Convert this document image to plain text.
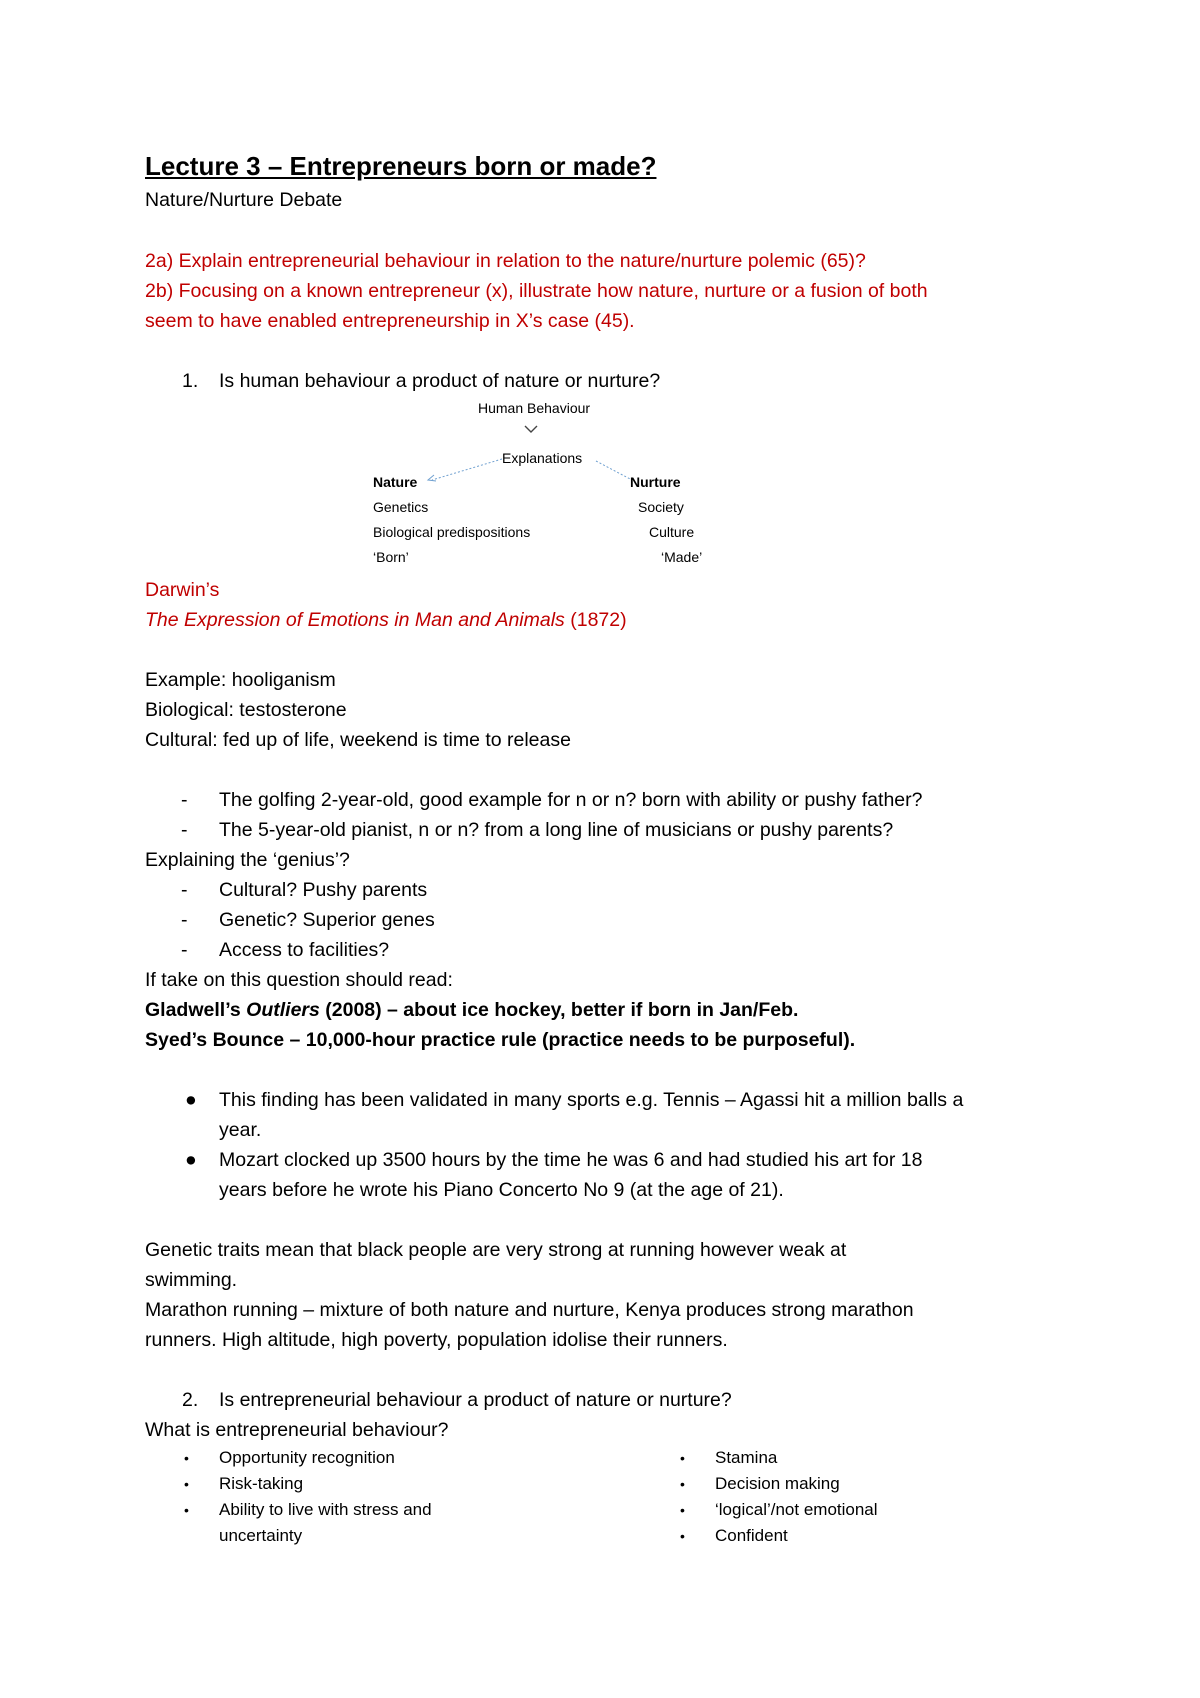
Lecture 3 – Entrepreneurs born or made?
Nature/Nurture Debate
2a) Explain entrepreneurial behaviour in relation to the nature/nurture polemic (65)?
2b) Focusing on a known entrepreneur (x), illustrate how nature, nurture or a fusion of both
seem to have enabled entrepreneurship in X’s case (45).
1. Is human behaviour a product of nature or nurture?
Human Behaviour
Explanations
Nature
Genetics
Biological predispositions
‘Born’
Nurture
Society
Culture
‘Made’
Darwin’s
The Expression of Emotions in Man and Animals (1872)
Example: hooliganism
Biological: testosterone
Cultural: fed up of life, weekend is time to release
- The golfing 2-year-old, good example for n or n? born with ability or pushy father?
- The 5-year-old pianist, n or n? from a long line of musicians or pushy parents?
Explaining the ‘genius’?
- Cultural? Pushy parents
- Genetic? Superior genes
- Access to facilities?
If take on this question should read:
Gladwell’s Outliers (2008) – about ice hockey, better if born in Jan/Feb.
Syed’s Bounce – 10,000-hour practice rule (practice needs to be purposeful).
● This finding has been validated in many sports e.g. Tennis – Agassi hit a million balls a
year.
● Mozart clocked up 3500 hours by the time he was 6 and had studied his art for 18
years before he wrote his Piano Concerto No 9 (at the age of 21).
Genetic traits mean that black people are very strong at running however weak at
swimming.
Marathon running – mixture of both nature and nurture, Kenya produces strong marathon
runners. High altitude, high poverty, population idolise their runners.
2. Is entrepreneurial behaviour a product of nature or nurture?
What is entrepreneurial behaviour?
• Opportunity recognition
• Risk-taking
• Ability to live with stress and
uncertainty
• Stamina
• Decision making
• ‘logical’/not emotional
• Confident
